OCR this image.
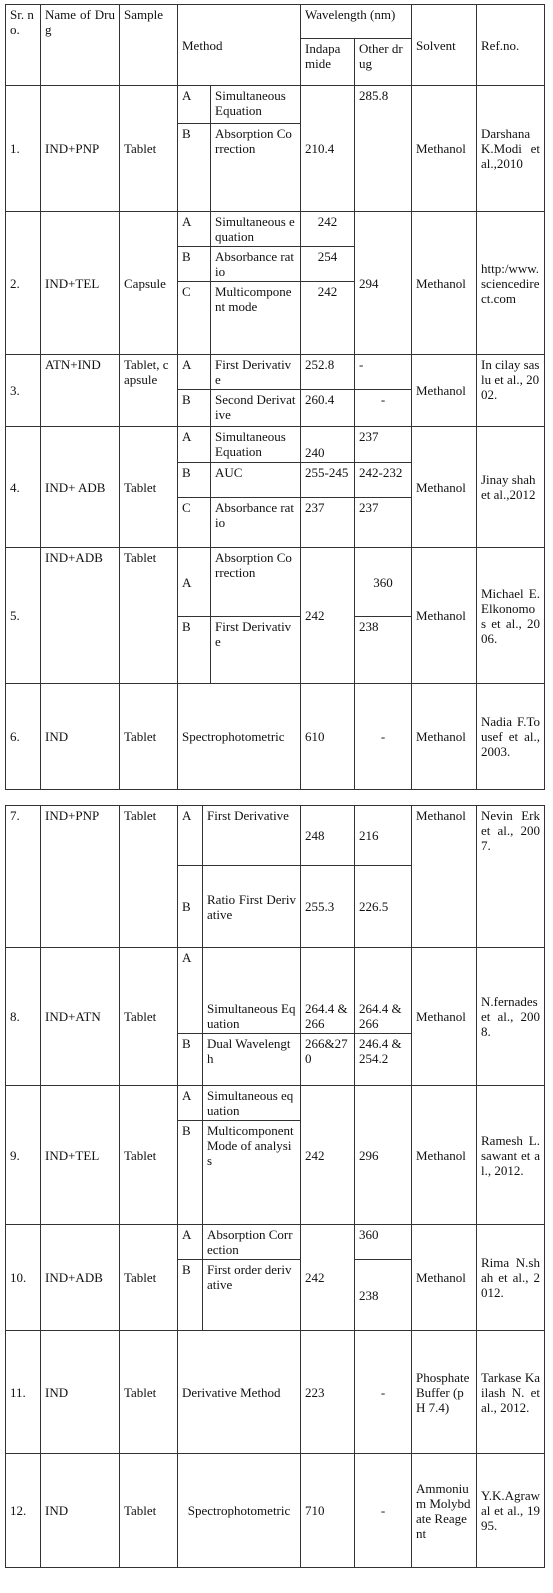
Sr. no.	Name of Drug	Sample	Method		Wavelength (nm)		Solvent	Ref.no.
					Indapamide	Other drug		
1.	IND+PNP	Tablet	A	Simultaneous Equation	210.4	285.8	Methanol	Darshana K.Modi et al.,2010
			B	Absorption Correction				
2.	IND+TEL	Capsule	A	Simultaneous equation	242	294	Methanol	http:/www.sciencedirect.com
			B	Absorbance ratio	254			
			C	Multicomponent mode	242			
3.	ATN+IND	Tablet, capsule	A	First Derivative	252.8	-	Methanol	In cilay saslu et al., 2002.
			B	Second Derivative	260.4	-		
4.	IND+ ADB	Tablet	A	Simultaneous Equation	240	237	Methanol	Jinay shah et al.,2012
			B	AUC	255-245	242-232		
			C	Absorbance ratio	237	237		
5.	IND+ADB	Tablet	A	Absorption Correction	242	360	Methanol	Michael E.Elkonomos et al., 2006.
			B	First Derivative		238		
6.	IND	Tablet	Spectrophotometric		610	-	Methanol	Nadia F.Tousef et al., 2003.
7.	IND+PNP	Tablet	A	First Derivative	248	216	Methanol	Nevin Erk et al., 2007.
			B	Ratio First Derivative	255.3	226.5		
8.	IND+ATN	Tablet	A	Simultaneous Equation	264.4 & 266	264.4 & 266	Methanol	N.fernades et al., 2008.
			B	Dual Wavelength	266&270	246.4 & 254.2		
9.	IND+TEL	Tablet	A	Simultaneous equation	242	296	Methanol	Ramesh L.sawant et al., 2012.
			B	Multicomponent Mode of analysis				
10.	IND+ADB	Tablet	A	Absorption Correction	242	360	Methanol	Rima N.shah et al., 2012.
			B	First order derivative		238		
11.	IND	Tablet	Derivative Method		223	-	Phosphate Buffer (pH 7.4)	Tarkase Kailash N. et al., 2012.
12.	IND	Tablet	Spectrophotometric		710	-	Ammonium Molybdate Reagent	Y.K.Agrawal et al., 1995.
